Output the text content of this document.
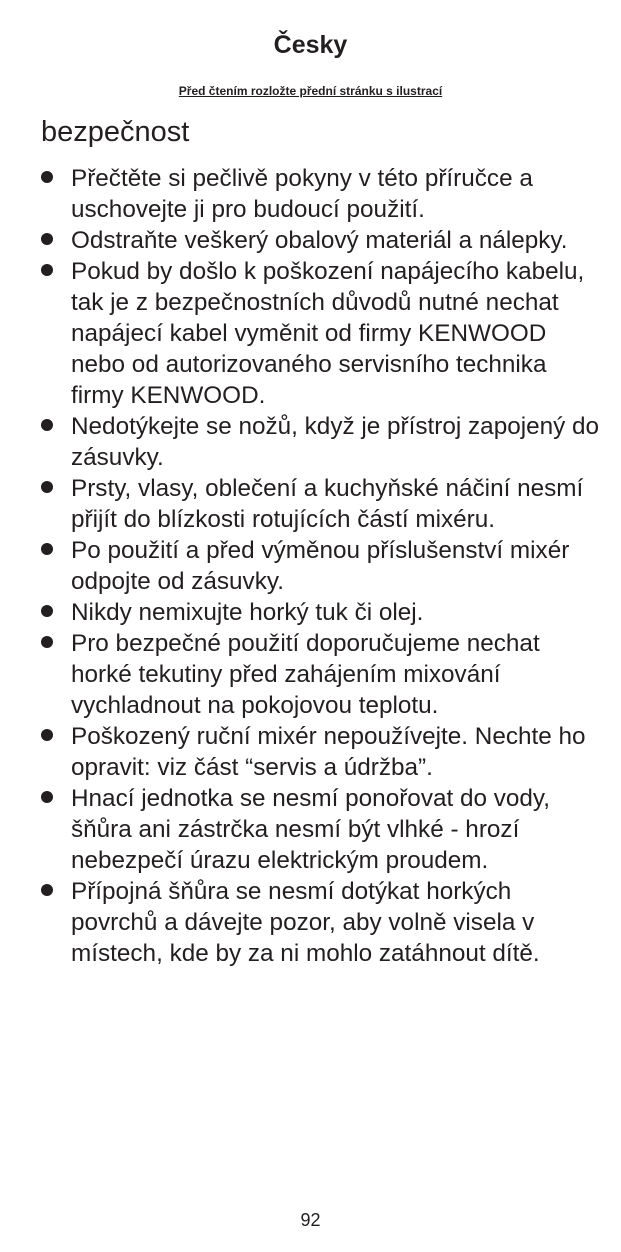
Česky
Před čtením rozložte přední stránku s ilustrací
bezpečnost
Přečtěte si pečlivě pokyny v této příručce a uschovejte ji pro budoucí použití.
Odstraňte veškerý obalový materiál a nálepky.
Pokud by došlo k poškození napájecího kabelu, tak je z bezpečnostních důvodů nutné nechat napájecí kabel vyměnit od firmy KENWOOD nebo od autorizovaného servisního technika firmy KENWOOD.
Nedotýkejte se nožů, když je přístroj zapojený do zásuvky.
Prsty, vlasy, oblečení a kuchyňské náčiní nesmí přijít do blízkosti rotujících částí mixéru.
Po použití a před výměnou příslušenství mixér odpojte od zásuvky.
Nikdy nemixujte horký tuk či olej.
Pro bezpečné použití doporučujeme nechat horké tekutiny před zahájením mixování vychladnout na pokojovou teplotu.
Poškozený ruční mixér nepoužívejte. Nechte ho opravit: viz část “servis a údržba”.
Hnací jednotka se nesmí ponořovat do vody, šňůra ani zástrčka nesmí být vlhké - hrozí nebezpečí úrazu elektrickým proudem.
Přípojná šňůra se nesmí dotýkat horkých povrchů a dávejte pozor, aby volně visela v místech, kde by za ni mohlo zatáhnout dítě.
92
